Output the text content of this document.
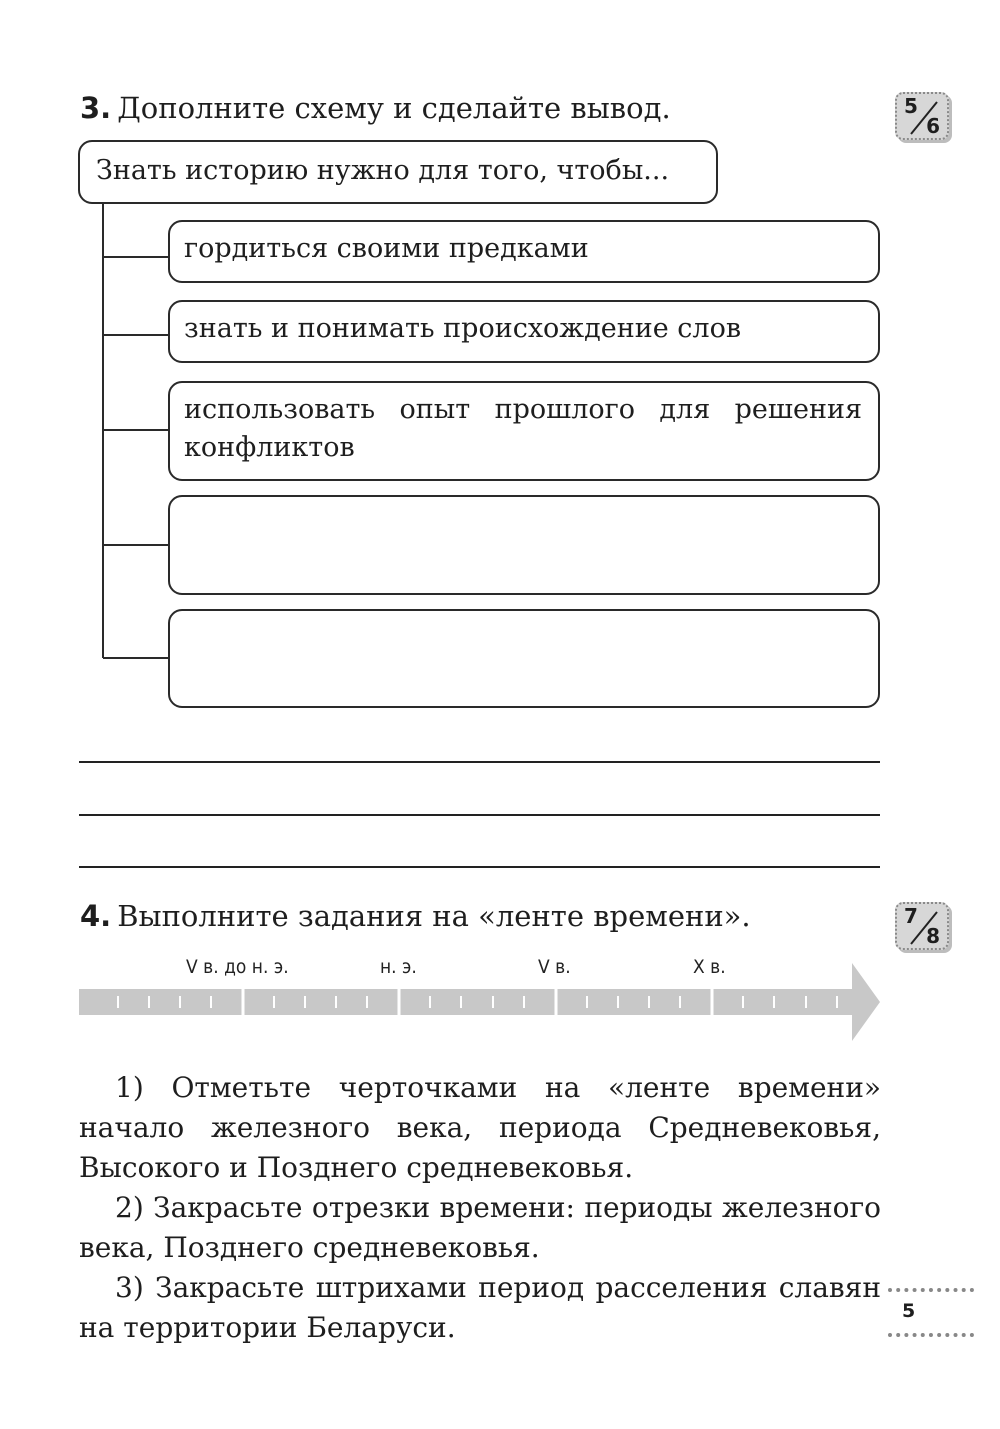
3. Дополните схему и сделайте вывод.	5
6
Знать историю нужно для того, чтобы...
гордиться своими предками
знать и понимать происхождение слов
использовать опыт прошлого для решения конфликтов
4. Выполните задания на «ленте времени».	7
8
V в. до н. э.	н. э.	V в.	X в.
1) Отметьте черточками на «ленте времени» начало железного века, периода Средневековья, Высокого и Позднего средневековья.
2) Закрасьте отрезки времени: периоды железного века, Позднего средневековья.
3) Закрасьте штрихами период расселения славян на территории Беларуси.	5
